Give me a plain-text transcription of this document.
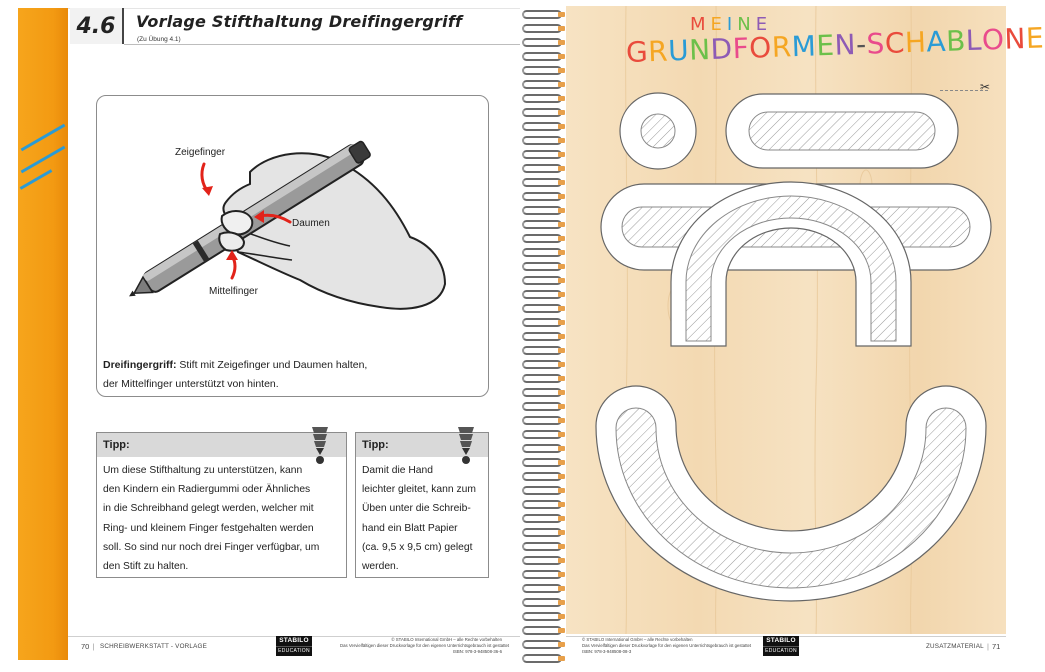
4.6 Vorlage Stifthaltung Dreifingergriff
(Zu Übung 4.1)
Zeigefinger
Daumen
Mittelfinger
Dreifingergriff: Stift mit Zeigefinger und Daumen halten,
der Mittelfinger unterstützt von hinten.
Tipp:
Um diese Stifthaltung zu unterstützen, kann
den Kindern ein Radiergummi oder Ähnliches
in die Schreibhand gelegt werden, welcher mit
Ring- und kleinem Finger festgehalten werden
soll. So sind nur noch drei Finger verfügbar, um
den Stift zu halten.
Tipp:
Damit die Hand
leichter gleitet, kann zum
Üben unter die Schreib-
hand ein Blatt Papier
(ca. 9,5 x 9,5 cm) gelegt
werden.
70 | SCHREIBWERKSTATT - VORLAGE
STABILO
EDUCATION
© STABILO International GmbH – alle Rechte vorbehalten
Das Vervielfältigen dieser Druckvorlage für den eigenen Unterrichtsgebrauch ist gestattet
ISBN: 978-3-948508-36-6
MEINE
GRUNDFORMEN-SCHABLONE
✂
© STABILO International GmbH – alle Rechte vorbehalten
Das Vervielfältigen dieser Druckvorlage für den eigenen Unterrichtsgebrauch ist gestattet
ISBN: 978-3-948508-08-3
STABILO
EDUCATION
ZUSATZMATERIAL | 71
